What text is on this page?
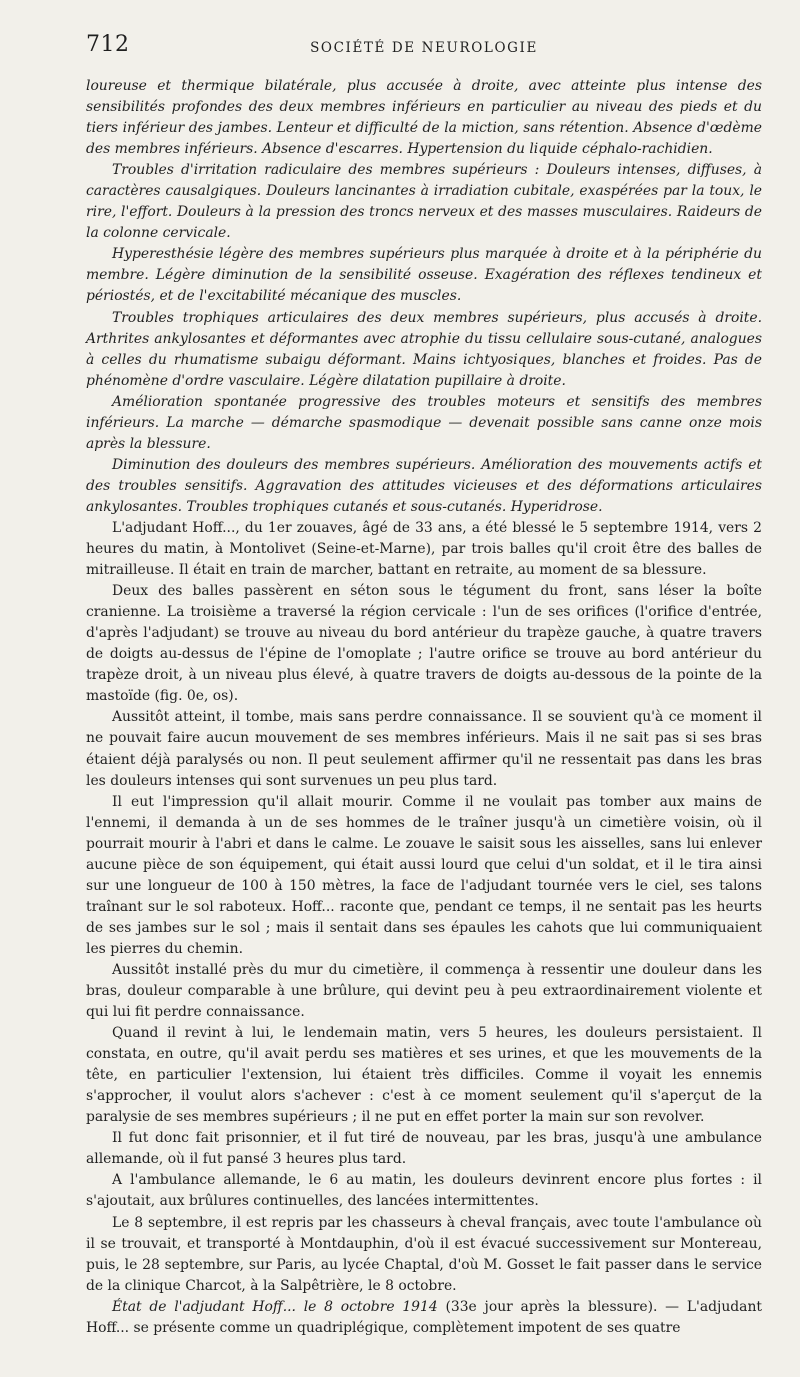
712	SOCIÉTÉ DE NEUROLOGIE

loureuse et thermique bilatérale, plus accusée à droite, avec atteinte plus intense des sensibilités profondes des deux membres inférieurs en particulier au niveau des pieds et du tiers inférieur des jambes. Lenteur et difficulté de la miction, sans rétention. Absence d'œdème des membres inférieurs. Absence d'escarres. Hypertension du liquide céphalo-rachidien.

Troubles d'irritation radiculaire des membres supérieurs : Douleurs intenses, diffuses, à caractères causalgiques. Douleurs lancinantes à irradiation cubitale, exaspérées par la toux, le rire, l'effort. Douleurs à la pression des troncs nerveux et des masses musculaires. Raideurs de la colonne cervicale.

Hyperesthésie légère des membres supérieurs plus marquée à droite et à la périphérie du membre. Légère diminution de la sensibilité osseuse. Exagération des réflexes tendineux et périostés, et de l'excitabilité mécanique des muscles.

Troubles trophiques articulaires des deux membres supérieurs, plus accusés à droite. Arthrites ankylosantes et déformantes avec atrophie du tissu cellulaire sous-cutané, analogues à celles du rhumatisme subaigu déformant. Mains ichtyosiques, blanches et froides. Pas de phénomène d'ordre vasculaire. Légère dilatation pupillaire à droite.

Amélioration spontanée progressive des troubles moteurs et sensitifs des membres inférieurs. La marche — démarche spasmodique — devenait possible sans canne onze mois après la blessure.

Diminution des douleurs des membres supérieurs. Amélioration des mouvements actifs et des troubles sensitifs. Aggravation des attitudes vicieuses et des déformations articulaires ankylosantes. Troubles trophiques cutanés et sous-cutanés. Hyperidrose.

L'adjudant Hoff..., du 1er zouaves, âgé de 33 ans, a été blessé le 5 septembre 1914, vers 2 heures du matin, à Montolivet (Seine-et-Marne), par trois balles qu'il croit être des balles de mitrailleuse. Il était en train de marcher, battant en retraite, au moment de sa blessure.

Deux des balles passèrent en séton sous le tégument du front, sans léser la boîte cranienne. La troisième a traversé la région cervicale : l'un de ses orifices (l'orifice d'entrée, d'après l'adjudant) se trouve au niveau du bord antérieur du trapèze gauche, à quatre travers de doigts au-dessus de l'épine de l'omoplate ; l'autre orifice se trouve au bord antérieur du trapèze droit, à un niveau plus élevé, à quatre travers de doigts au-dessous de la pointe de la mastoïde (fig. 0e, os).

Aussitôt atteint, il tombe, mais sans perdre connaissance. Il se souvient qu'à ce moment il ne pouvait faire aucun mouvement de ses membres inférieurs. Mais il ne sait pas si ses bras étaient déjà paralysés ou non. Il peut seulement affirmer qu'il ne ressentait pas dans les bras les douleurs intenses qui sont survenues un peu plus tard.

Il eut l'impression qu'il allait mourir. Comme il ne voulait pas tomber aux mains de l'ennemi, il demanda à un de ses hommes de le traîner jusqu'à un cimetière voisin, où il pourrait mourir à l'abri et dans le calme. Le zouave le saisit sous les aisselles, sans lui enlever aucune pièce de son équipement, qui était aussi lourd que celui d'un soldat, et il le tira ainsi sur une longueur de 100 à 150 mètres, la face de l'adjudant tournée vers le ciel, ses talons traînant sur le sol raboteux. Hoff... raconte que, pendant ce temps, il ne sentait pas les heurts de ses jambes sur le sol ; mais il sentait dans ses épaules les cahots que lui communiquaient les pierres du chemin.

Aussitôt installé près du mur du cimetière, il commença à ressentir une douleur dans les bras, douleur comparable à une brûlure, qui devint peu à peu extraordinairement violente et qui lui fit perdre connaissance.

Quand il revint à lui, le lendemain matin, vers 5 heures, les douleurs persistaient. Il constata, en outre, qu'il avait perdu ses matières et ses urines, et que les mouvements de la tête, en particulier l'extension, lui étaient très difficiles. Comme il voyait les ennemis s'approcher, il voulut alors s'achever : c'est à ce moment seulement qu'il s'aperçut de la paralysie de ses membres supérieurs ; il ne put en effet porter la main sur son revolver.

Il fut donc fait prisonnier, et il fut tiré de nouveau, par les bras, jusqu'à une ambulance allemande, où il fut pansé 3 heures plus tard.

A l'ambulance allemande, le 6 au matin, les douleurs devinrent encore plus fortes : il s'ajoutait, aux brûlures continuelles, des lancées intermittentes.

Le 8 septembre, il est repris par les chasseurs à cheval français, avec toute l'ambulance où il se trouvait, et transporté à Montdauphin, d'où il est évacué successivement sur Montereau, puis, le 28 septembre, sur Paris, au lycée Chaptal, d'où M. Gosset le fait passer dans le service de la clinique Charcot, à la Salpêtrière, le 8 octobre.

État de l'adjudant Hoff... le 8 octobre 1914 (33e jour après la blessure). — L'adjudant Hoff... se présente comme un quadriplégique, complètement impotent de ses quatre
